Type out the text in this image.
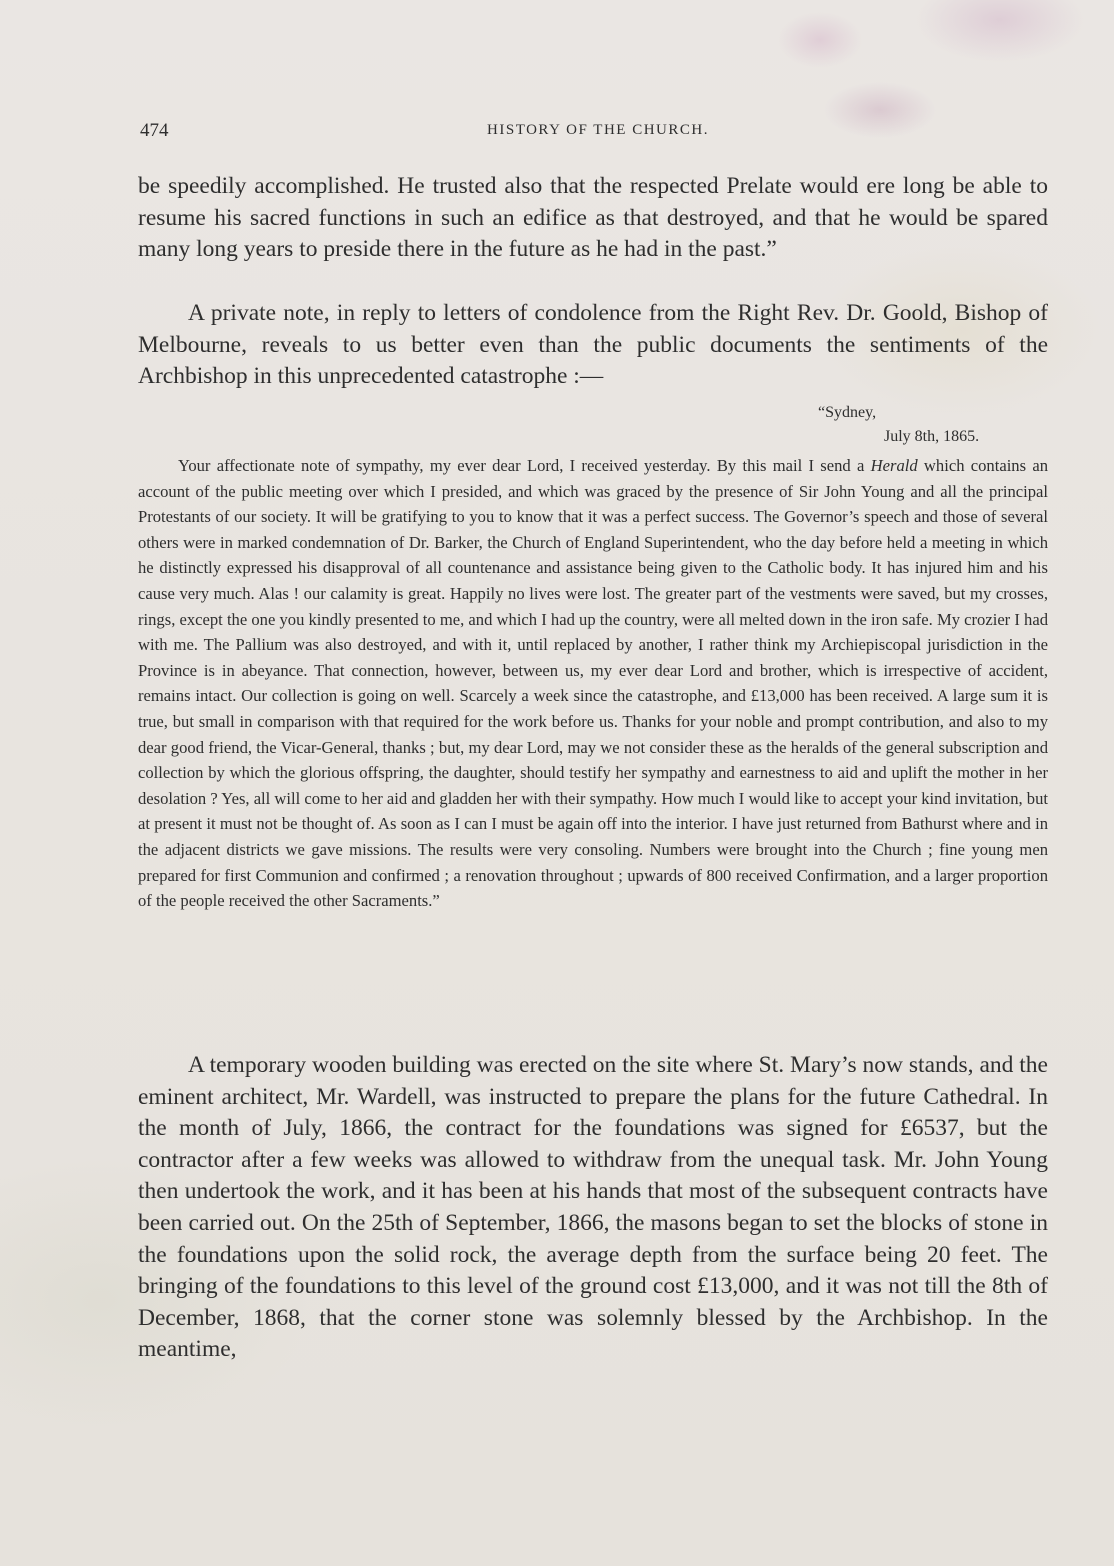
474	HISTORY OF THE CHURCH.

be speedily accomplished. He trusted also that the respected Prelate would ere long be able to resume his sacred functions in such an edifice as that destroyed, and that he would be spared many long years to preside there in the future as he had in the past.”

A private note, in reply to letters of condolence from the Right Rev. Dr. Goold, Bishop of Melbourne, reveals to us better even than the public documents the sentiments of the Archbishop in this unprecedented catastrophe :—

“Sydney,
July 8th, 1865.

Your affectionate note of sympathy, my ever dear Lord, I received yesterday. By this mail I send a Herald which contains an account of the public meeting over which I presided, and which was graced by the presence of Sir John Young and all the principal Protestants of our society. It will be gratifying to you to know that it was a perfect success. The Governor’s speech and those of several others were in marked condemnation of Dr. Barker, the Church of England Superintendent, who the day before held a meeting in which he distinctly expressed his disapproval of all countenance and assistance being given to the Catholic body. It has injured him and his cause very much. Alas ! our calamity is great. Happily no lives were lost. The greater part of the vestments were saved, but my crosses, rings, except the one you kindly presented to me, and which I had up the country, were all melted down in the iron safe. My crozier I had with me. The Pallium was also destroyed, and with it, until replaced by another, I rather think my Archiepiscopal jurisdiction in the Province is in abeyance. That connection, however, between us, my ever dear Lord and brother, which is irrespective of accident, remains intact. Our collection is going on well. Scarcely a week since the catastrophe, and £13,000 has been received. A large sum it is true, but small in comparison with that required for the work before us. Thanks for your noble and prompt contribution, and also to my dear good friend, the Vicar-General, thanks ; but, my dear Lord, may we not consider these as the heralds of the general subscription and collection by which the glorious offspring, the daughter, should testify her sympathy and earnestness to aid and uplift the mother in her desolation ? Yes, all will come to her aid and gladden her with their sympathy. How much I would like to accept your kind invitation, but at present it must not be thought of. As soon as I can I must be again off into the interior. I have just returned from Bathurst where and in the adjacent districts we gave missions. The results were very consoling. Numbers were brought into the Church ; fine young men prepared for first Communion and confirmed ; a renovation throughout ; upwards of 800 received Confirmation, and a larger proportion of the people received the other Sacraments.”

A temporary wooden building was erected on the site where St. Mary’s now stands, and the eminent architect, Mr. Wardell, was instructed to prepare the plans for the future Cathedral. In the month of July, 1866, the contract for the foundations was signed for £6537, but the contractor after a few weeks was allowed to withdraw from the unequal task. Mr. John Young then undertook the work, and it has been at his hands that most of the subsequent contracts have been carried out. On the 25th of September, 1866, the masons began to set the blocks of stone in the foundations upon the solid rock, the average depth from the surface being 20 feet. The bringing of the foundations to this level of the ground cost £13,000, and it was not till the 8th of December, 1868, that the corner stone was solemnly blessed by the Archbishop. In the meantime,
